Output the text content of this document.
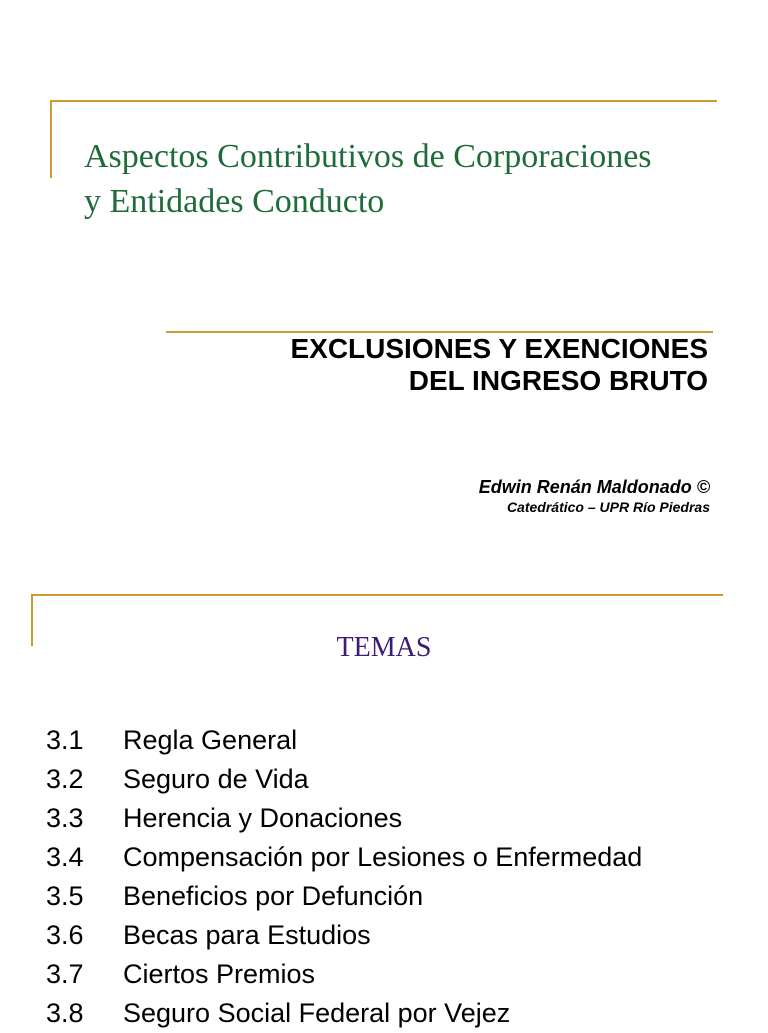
Aspectos Contributivos de Corporaciones
y Entidades Conducto
EXCLUSIONES Y EXENCIONES
DEL INGRESO BRUTO
Edwin Renán Maldonado ©
Catedrático – UPR Río Piedras
TEMAS
3.1 Regla General
3.2 Seguro de Vida
3.3 Herencia y Donaciones
3.4 Compensación por Lesiones o Enfermedad
3.5 Beneficios por Defunción
3.6 Becas para Estudios
3.7 Ciertos Premios
3.8 Seguro Social Federal por Vejez
